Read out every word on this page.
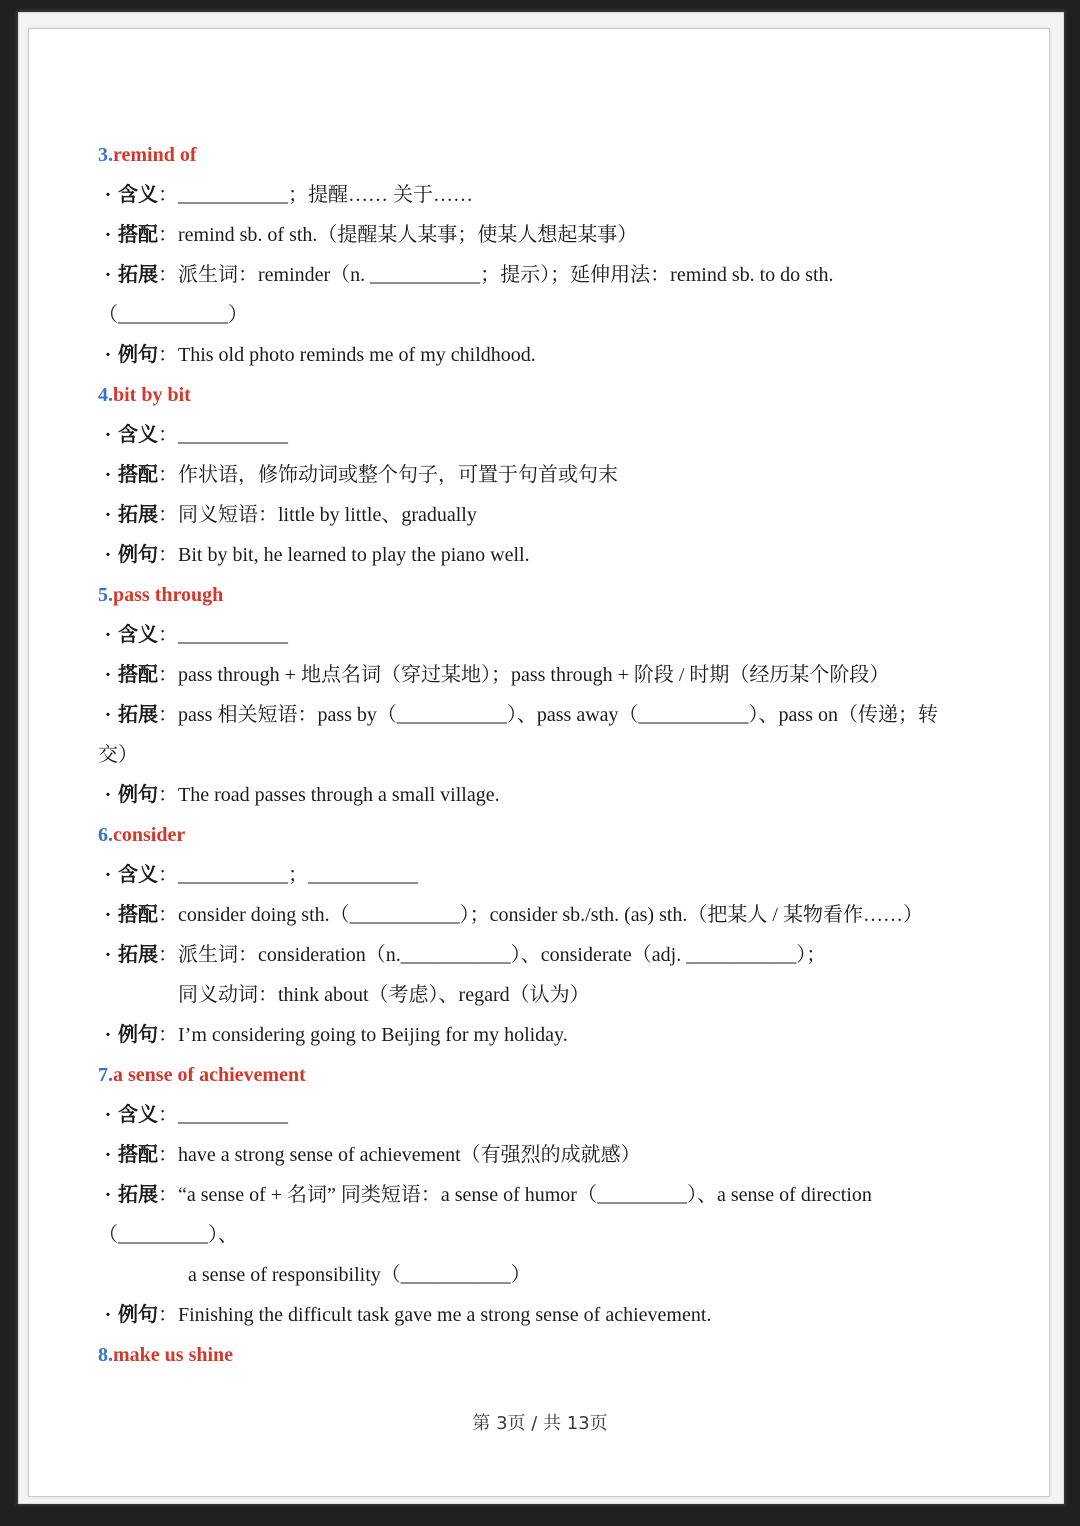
3.remind of
· 含义：___________；提醒…… 关于……
· 搭配：remind sb. of sth.（提醒某人某事；使某人想起某事）
· 拓展：派生词：reminder（n. ___________；提示）；延伸用法：remind sb. to do sth.
（___________）
· 例句：This old photo reminds me of my childhood.
4.bit by bit
· 含义：___________
· 搭配：作状语，修饰动词或整个句子，可置于句首或句末
· 拓展：同义短语：little by little、gradually
· 例句：Bit by bit, he learned to play the piano well.
5.pass through
· 含义：___________
· 搭配：pass through + 地点名词（穿过某地）；pass through + 阶段 / 时期（经历某个阶段）
· 拓展：pass 相关短语：pass by（___________）、pass away（___________）、pass on（传递；转
交）
· 例句：The road passes through a small village.
6.consider
· 含义：___________；___________
· 搭配：consider doing sth.（___________）；consider sb./sth. (as) sth.（把某人 / 某物看作……）
· 拓展：派生词：consideration（n.___________）、considerate（adj. ___________）；
同义动词：think about（考虑）、regard（认为）
· 例句：I’m considering going to Beijing for my holiday.
7.a sense of achievement
· 含义：___________
· 搭配：have a strong sense of achievement（有强烈的成就感）
· 拓展：“a sense of + 名词” 同类短语：a sense of humor（_________）、a sense of direction
（_________）、
a sense of responsibility（___________）
· 例句：Finishing the difficult task gave me a strong sense of achievement.
8.make us shine
第 3页 / 共 13页
